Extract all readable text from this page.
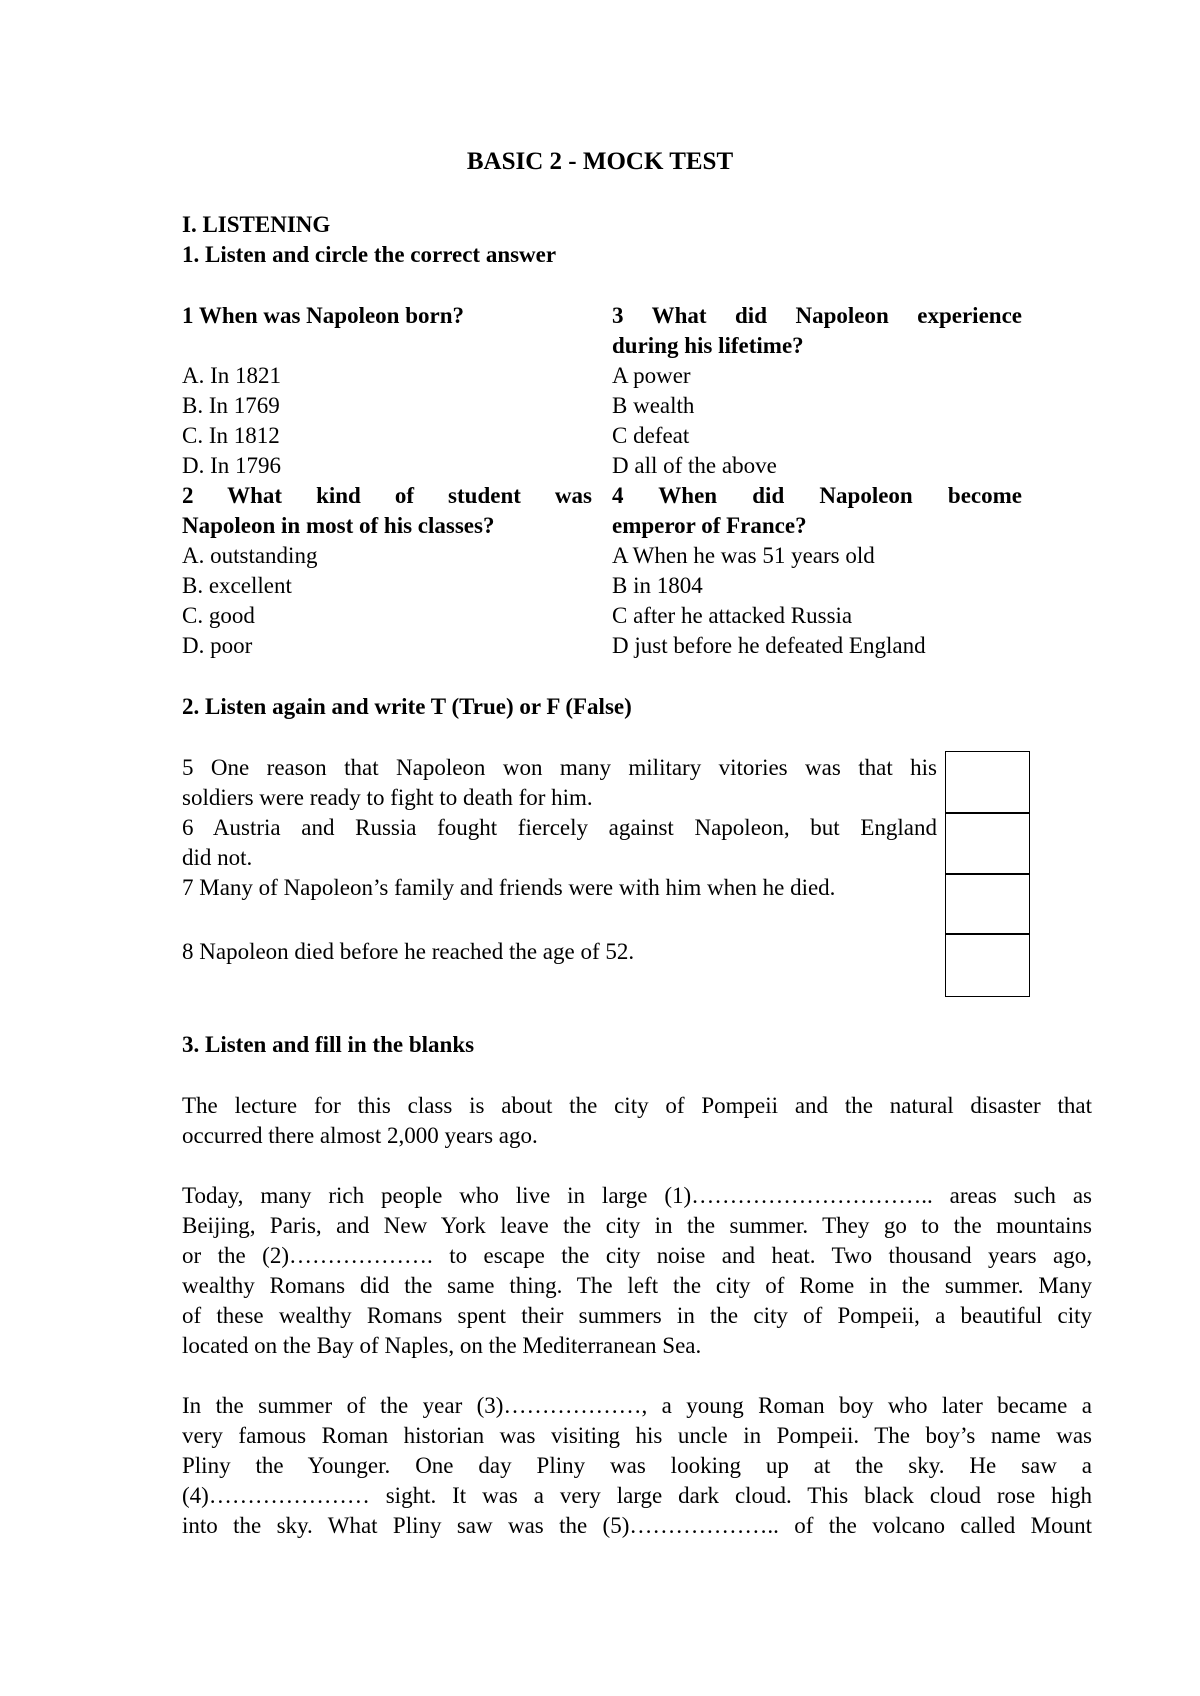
BASIC 2 - MOCK TEST
I. LISTENING
1. Listen and circle the correct answer
1 When was Napoleon born?
A. In 1821
B. In 1769
C. In 1812
D. In 1796
2 What kind of student was
Napoleon in most of his classes?
A. outstanding
B. excellent
C. good
D. poor
3 What did Napoleon experience
during his lifetime?
A power
B wealth
C defeat
D all of the above
4 When did Napoleon become
emperor of France?
A When he was 51 years old
B in 1804
C after he attacked Russia
D just before he defeated England
2. Listen again and write T (True) or F (False)
5 One reason that Napoleon won many military vitories was that his
soldiers were ready to fight to death for him.
6 Austria and Russia fought fiercely against Napoleon, but England
did not.
7 Many of Napoleon’s family and friends were with him when he died.
8 Napoleon died before he reached the age of 52.
3. Listen and fill in the blanks
The lecture for this class is about the city of Pompeii and the natural disaster that
occurred there almost 2,000 years ago.
Today, many rich people who live in large (1)………………………….. areas such as
Beijing, Paris, and New York leave the city in the summer. They go to the mountains
or the (2)………………. to escape the city noise and heat. Two thousand years ago,
wealthy Romans did the same thing. The left the city of Rome in the summer. Many
of these wealthy Romans spent their summers in the city of Pompeii, a beautiful city
located on the Bay of Naples, on the Mediterranean Sea.
In the summer of the year (3)………………, a young Roman boy who later became a
very famous Roman historian was visiting his uncle in Pompeii. The boy’s name was
Pliny the Younger. One day Pliny was looking up at the sky. He saw a
(4)………………… sight. It was a very large dark cloud. This black cloud rose high
into the sky. What Pliny saw was the (5)……………….. of the volcano called Mount
